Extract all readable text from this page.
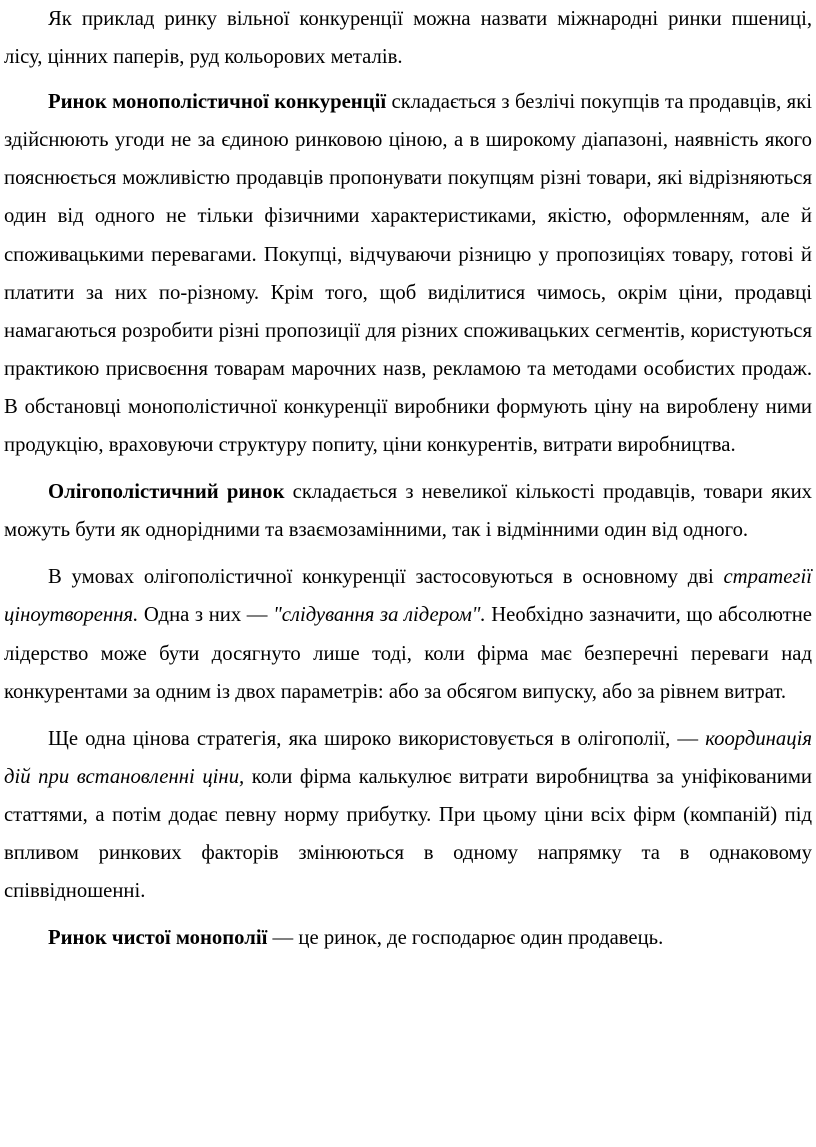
Як приклад ринку вільної конкуренції можна назвати міжнародні ринки пшениці, лісу, цінних паперів, руд кольорових металів.

Ринок монополістичної конкуренції складається з безлічі покупців та продавців, які здійснюють угоди не за єдиною ринковою ціною, а в широкому діапазоні, наявність якого пояснюється можливістю продавців пропонувати покупцям різні товари, які відрізняються один від одного не тільки фізичними характеристиками, якістю, оформленням, але й споживацькими перевагами. Покупці, відчуваючи різницю у пропозиціях товару, готові й платити за них по-різному. Крім того, щоб виділитися чимось, окрім ціни, продавці намагаються розробити різні пропозиції для різних споживацьких сегментів, користуються практикою присвоєння товарам марочних назв, рекламою та методами особистих продаж. В обстановці монополістичної конкуренції виробники формують ціну на вироблену ними продукцію, враховуючи структуру попиту, ціни конкурентів, витрати виробництва.

Олігополістичний ринок складається з невеликої кількості продавців, товари яких можуть бути як однорідними та взаємозамінними, так і відмінними один від одного.

В умовах олігополістичної конкуренції застосовуються в основному дві стратегії ціноутворення. Одна з них — "слідування за лідером". Необхідно зазначити, що абсолютне лідерство може бути досягнуто лише тоді, коли фірма має безперечні переваги над конкурентами за одним із двох параметрів: або за обсягом випуску, або за рівнем витрат.

Ще одна цінова стратегія, яка широко використовується в олігополії, — координація дій при встановленні ціни, коли фірма калькулює витрати виробництва за уніфікованими статтями, а потім додає певну норму прибутку. При цьому ціни всіх фірм (компаній) під впливом ринкових факторів змінюються в одному напрямку та в однаковому співвідношенні.

Ринок чистої монополії — це ринок, де господарює один продавець.
